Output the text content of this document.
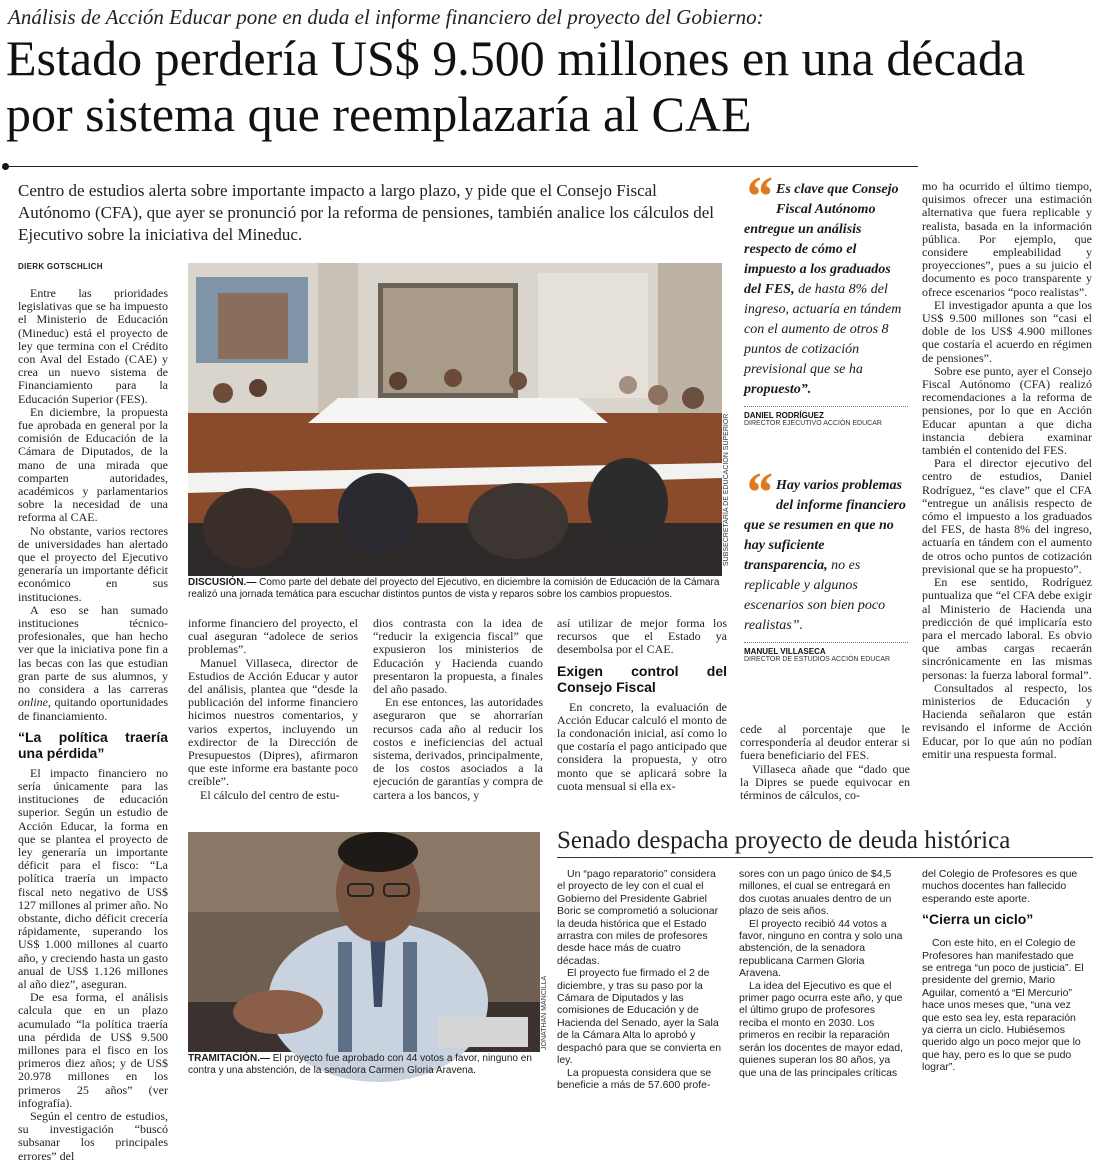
Análisis de Acción Educar pone en duda el informe financiero del proyecto del Gobierno:
Estado perdería US$ 9.500 millones en una década por sistema que reemplazaría al CAE
Centro de estudios alerta sobre importante impacto a largo plazo, y pide que el Consejo Fiscal Autónomo (CFA), que ayer se pronunció por la reforma de pensiones, también analice los cálculos del Ejecutivo sobre la iniciativa del Mineduc.
DIERK GOTSCHLICH

Entre las prioridades legislativas que se ha impuesto el Ministerio de Educación (Mineduc) está el proyecto de ley que termina con el Crédito con Aval del Estado (CAE) y crea un nuevo sistema de Financiamiento para la Educación Superior (FES).

En diciembre, la propuesta fue aprobada en general por la comisión de Educación de la Cámara de Diputados, de la mano de una mirada que comparten autoridades, académicos y parlamentarios sobre la necesidad de una reforma al CAE.

No obstante, varios rectores de universidades han alertado que el proyecto del Ejecutivo generaría un importante déficit económico en sus instituciones.

A eso se han sumado instituciones técnico-profesionales, que han hecho ver que la iniciativa pone fin a las becas con las que estudian gran parte de sus alumnos, y no considera a las carreras online, quitando oportunidades de financiamiento.

“La política traería una pérdida”

El impacto financiero no sería únicamente para las instituciones de educación superior. Según un estudio de Acción Educar, la forma en que se plantea el proyecto de ley generaría un importante déficit para el fisco: “La política traería un impacto fiscal neto negativo de US$ 127 millones al primer año. No obstante, dicho déficit crecería rápidamente, superando los US$ 1.000 millones al cuarto año, y creciendo hasta un gasto anual de US$ 1.126 millones al año diez”, aseguran.

De esa forma, el análisis calcula que en un plazo acumulado “la política traería una pérdida de US$ 9.500 millones para el fisco en los primeros diez años; y de US$ 20.978 millones en los primeros 25 años” (ver infografía).

Según el centro de estudios, su investigación “buscó subsanar los principales errores” del

SUBSECRETARÍA DE EDUCACIÓN SUPERIOR
DISCUSIÓN.— Como parte del debate del proyecto del Ejecutivo, en diciembre la comisión de Educación de la Cámara realizó una jornada temática para escuchar distintos puntos de vista y reparos sobre los cambios propuestos.

informe financiero del proyecto, el cual aseguran “adolece de serios problemas”.

Manuel Villaseca, director de Estudios de Acción Educar y autor del análisis, plantea que “desde la publicación del informe financiero hicimos nuestros comentarios, y varios expertos, incluyendo un exdirector de la Dirección de Presupuestos (Dipres), afirmaron que este informe era bastante poco creíble”.

El cálculo del centro de estu-

dios contrasta con la idea de “reducir la exigencia fiscal” que expusieron los ministerios de Educación y Hacienda cuando presentaron la propuesta, a finales del año pasado.

En ese entonces, las autoridades aseguraron que se ahorrarían recursos cada año al reducir los costos e ineficiencias del actual sistema, derivados, principalmente, de los costos asociados a la ejecución de garantías y compra de cartera a los bancos, y

así utilizar de mejor forma los recursos que el Estado ya desembolsa por el CAE.

Exigen control del Consejo Fiscal

En concreto, la evaluación de Acción Educar calculó el monto de la condonación inicial, así como lo que costaría el pago anticipado que considera la propuesta, y otro monto que se aplicará sobre la cuota mensual si ella ex-

“ Es clave que Consejo Fiscal Autónomo entregue un análisis respecto de cómo el impuesto a los graduados del FES, de hasta 8% del ingreso, actuaría en tándem con el aumento de otros 8 puntos de cotización previsional que se ha propuesto”.
DANIEL RODRÍGUEZ
DIRECTOR EJECUTIVO ACCIÓN EDUCAR
“ Hay varios problemas del informe financiero que se resumen en que no hay suficiente transparencia, no es replicable y algunos escenarios son bien poco realistas”.
MANUEL VILLASECA
DIRECTOR DE ESTUDIOS ACCIÓN EDUCAR

cede al porcentaje que le correspondería al deudor enterar si fuera beneficiario del FES.

Villaseca añade que “dado que la Dipres se puede equivocar en términos de cálculos, co-

mo ha ocurrido el último tiempo, quisimos ofrecer una estimación alternativa que fuera replicable y realista, basada en la información pública. Por ejemplo, que considere empleabilidad y proyecciones”, pues a su juicio el documento es poco transparente y ofrece escenarios “poco realistas”.

El investigador apunta a que los US$ 9.500 millones son “casi el doble de los US$ 4.900 millones que costaría el acuerdo en régimen de pensiones”.

Sobre ese punto, ayer el Consejo Fiscal Autónomo (CFA) realizó recomendaciones a la reforma de pensiones, por lo que en Acción Educar apuntan a que dicha instancia debiera examinar también el contenido del FES.

Para el director ejecutivo del centro de estudios, Daniel Rodríguez, “es clave” que el CFA “entregue un análisis respecto de cómo el impuesto a los graduados del FES, de hasta 8% del ingreso, actuaría en tándem con el aumento de otros ocho puntos de cotización previsional que se ha propuesto”.

En ese sentido, Rodríguez puntualiza que “el CFA debe exigir al Ministerio de Hacienda una predicción de qué implicaría esto para el mercado laboral. Es obvio que ambas cargas recaerán sincrónicamente en las mismas personas: la fuerza laboral formal”.

Consultados al respecto, los ministerios de Educación y Hacienda señalaron que están revisando el informe de Acción Educar, por lo que aún no podían emitir una respuesta formal.

JONATHAN MANCILLA
TRAMITACIÓN.— El proyecto fue aprobado con 44 votos a favor, ninguno en contra y una abstención, de la senadora Carmen Gloria Aravena.
Senado despacha proyecto de deuda histórica

Un “pago reparatorio” considera el proyecto de ley con el cual el Gobierno del Presidente Gabriel Boric se comprometió a solucionar la deuda histórica que el Estado arrastra con miles de profesores desde hace más de cuatro décadas.

El proyecto fue firmado el 2 de diciembre, y tras su paso por la Cámara de Diputados y las comisiones de Educación y de Hacienda del Senado, ayer la Sala de la Cámara Alta lo aprobó y despachó para que se convierta en ley.

La propuesta considera que se beneficie a más de 57.600 profe-

sores con un pago único de $4,5 millones, el cual se entregará en dos cuotas anuales dentro de un plazo de seis años.

El proyecto recibió 44 votos a favor, ninguno en contra y solo una abstención, de la senadora republicana Carmen Gloria Aravena.

La idea del Ejecutivo es que el primer pago ocurra este año, y que el último grupo de profesores reciba el monto en 2030. Los primeros en recibir la reparación serán los docentes de mayor edad, quienes superan los 80 años, ya que una de las principales críticas

del Colegio de Profesores es que muchos docentes han fallecido esperando este aporte.

“Cierra un ciclo”

Con este hito, en el Colegio de Profesores han manifestado que se entrega “un poco de justicia”. El presidente del gremio, Mario Aguilar, comentó a “El Mercurio” hace unos meses que, “una vez que esto sea ley, esta reparación ya cierra un ciclo. Hubiésemos querido algo un poco mejor que lo que hay, pero es lo que se pudo lograr”.
